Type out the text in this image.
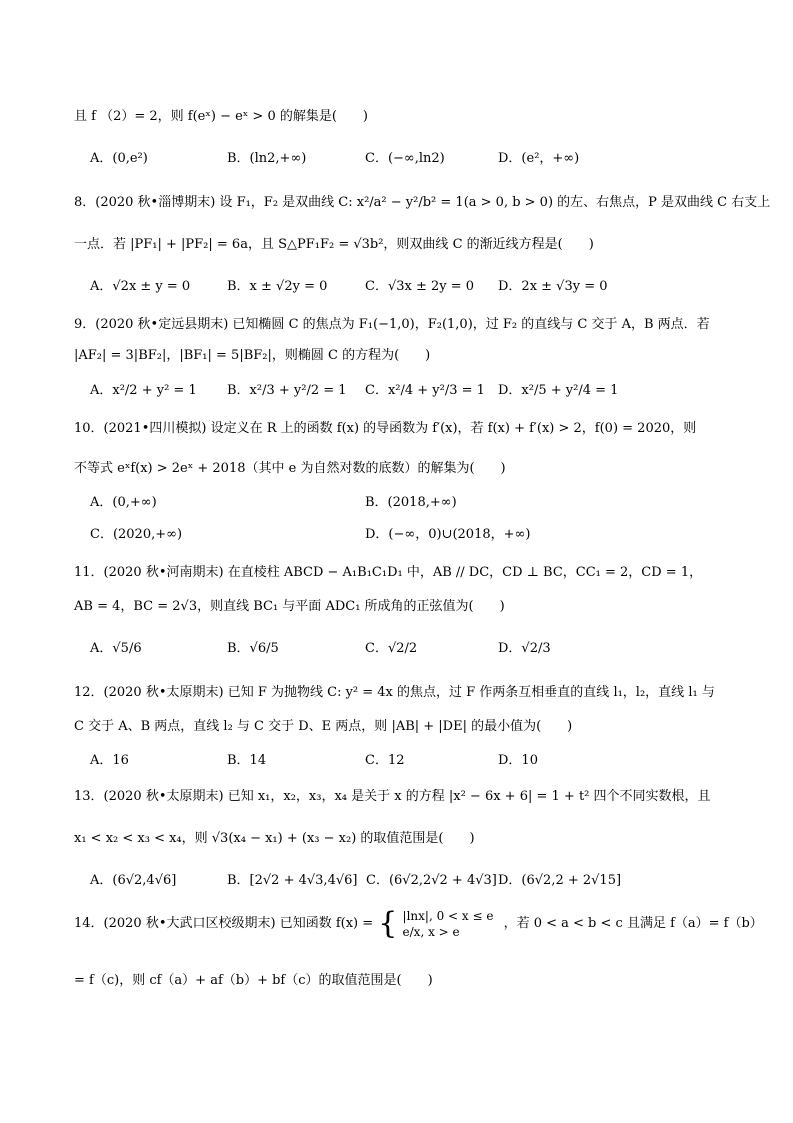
且 f （2）= 2，则 f(eˣ) − eˣ > 0 的解集是(　　)
A．(0,e²)	B．(ln2,+∞)	C．(−∞,ln2)	D．(e²，+∞)
8．(2020 秋•淄博期末) 设 F₁，F₂ 是双曲线 C: x²/a² − y²/b² = 1(a > 0, b > 0) 的左、右焦点，P 是双曲线 C 右支上
一点．若 |PF₁| + |PF₂| = 6a，且 S△PF₁F₂ = √3b²，则双曲线 C 的渐近线方程是(　　)
A．√2x ± y = 0	B．x ± √2y = 0	C．√3x ± 2y = 0 D．2x ± √3y = 0
9．(2020 秋•定远县期末) 已知椭圆 C 的焦点为 F₁(−1,0)，F₂(1,0)，过 F₂ 的直线与 C 交于 A，B 两点．若
|AF₂| = 3|BF₂|，|BF₁| = 5|BF₂|，则椭圆 C 的方程为(　　)
A．x²/2 + y² = 1 B．x²/3 + y²/2 = 1 C．x²/4 + y²/3 = 1 D．x²/5 + y²/4 = 1
10．(2021•四川模拟) 设定义在 R 上的函数 f(x) 的导函数为 f′(x)，若 f(x) + f′(x) > 2，f(0) = 2020，则
不等式 eˣf(x) > 2eˣ + 2018（其中 e 为自然对数的底数）的解集为(　　)
A．(0,+∞)	B．(2018,+∞)
C．(2020,+∞)	D．(−∞，0)∪(2018，+∞)
11．(2020 秋•河南期末) 在直棱柱 ABCD − A₁B₁C₁D₁ 中，AB // DC，CD ⊥ BC，CC₁ = 2，CD = 1，
AB = 4，BC = 2√3，则直线 BC₁ 与平面 ADC₁ 所成角的正弦值为(　　)
A．√5/6	B．√6/5	C．√2/2	D．√2/3
12．(2020 秋•太原期末) 已知 F 为抛物线 C: y² = 4x 的焦点，过 F 作两条互相垂直的直线 l₁，l₂，直线 l₁ 与
C 交于 A、B 两点，直线 l₂ 与 C 交于 D、E 两点，则 |AB| + |DE| 的最小值为(　　)
A．16	B．14	C．12	D．10
13．(2020 秋•太原期末) 已知 x₁，x₂，x₃，x₄ 是关于 x 的方程 |x² − 6x + 6| = 1 + t² 四个不同实数根，且
x₁ < x₂ < x₃ < x₄，则 √3(x₄ − x₁) + (x₃ − x₂) 的取值范围是(　　)
A．(6√2,4√6]	B．[2√2 + 4√3,4√6] C．(6√2,2√2 + 4√3] D．(6√2,2 + 2√15]
14．(2020 秋•大武口区校级期末) 已知函数 f(x) = { |lnx|, 0 < x ≤ e
e/x, x > e
，若 0 < a < b < c 且满足 f（a）= f（b）
= f（c)，则 cf（a）+ af（b）+ bf（c）的取值范围是(　　)
